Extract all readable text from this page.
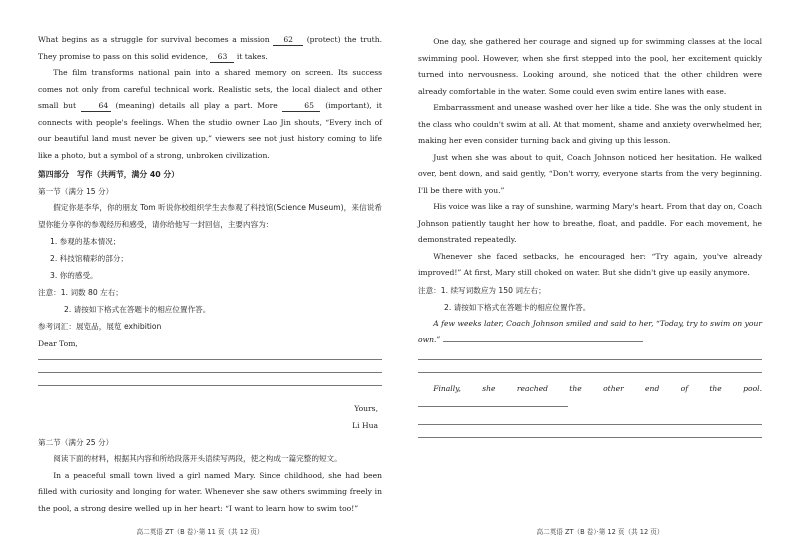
What begins as a struggle for survival becomes a mission 62 (protect) the truth. They promise to pass on this solid evidence, 63 it takes.

The film transforms national pain into a shared memory on screen. Its success comes not only from careful technical work. Realistic sets, the local dialect and other small but	64 (meaning) details all play a part. More	65 (important), it connects with people's feelings. When the studio owner Lao Jin shouts, “Every inch of our beautiful land must never be given up,” viewers see not just history coming to life like a photo, but a symbol of a strong, unbroken civilization.

第四部分　写作（共两节，满分 40 分）
第一节（满分 15 分）

假定你是李华，你的朋友 Tom 听说你校组织学生去参观了科技馆(Science Museum)，来信说希望你能分享你的参观经历和感受，请你给他写一封回信，主要内容为：

1. 参观的基本情况；
2. 科技馆精彩的部分；
3. 你的感受。
注意：1. 词数 80 左右；
2. 请按如下格式在答题卡的相应位置作答。
参考词汇：展览品，展览 exhibition
Dear Tom,
Yours,
Li Hua
第二节（满分 25 分）

阅读下面的材料，根据其内容和所给段落开头语续写两段，使之构成一篇完整的短文。

In a peaceful small town lived a girl named Mary. Since childhood, she had been filled with curiosity and longing for water. Whenever she saw others swimming freely in the pool, a strong desire welled up in her heart: “I want to learn how to swim too!”

高二英语 ZT（B 卷）·第 11 页（共 12 页）

One day, she gathered her courage and signed up for swimming classes at the local swimming pool. However, when she first stepped into the pool, her excitement quickly turned into nervousness. Looking around, she noticed that the other children were already comfortable in the water. Some could even swim entire lanes with ease.

Embarrassment and unease washed over her like a tide. She was the only student in the class who couldn't swim at all. At that moment, shame and anxiety overwhelmed her, making her even consider turning back and giving up this lesson.

Just when she was about to quit, Coach Johnson noticed her hesitation. He walked over, bent down, and said gently, “Don't worry, everyone starts from the very beginning. I'll be there with you.”

His voice was like a ray of sunshine, warming Mary's heart. From that day on, Coach Johnson patiently taught her how to breathe, float, and paddle. For each movement, he demonstrated repeatedly.

Whenever she faced setbacks, he encouraged her: “Try again, you've already improved!” At first, Mary still choked on water. But she didn't give up easily anymore.

注意：1. 续写词数应为 150 词左右；
2. 请按如下格式在答题卡的相应位置作答。

A few weeks later, Coach Johnson smiled and said to her, “Today, try to swim on your own.”

Finally, she reached the other end of the pool.

高二英语 ZT（B 卷）·第 12 页（共 12 页）
